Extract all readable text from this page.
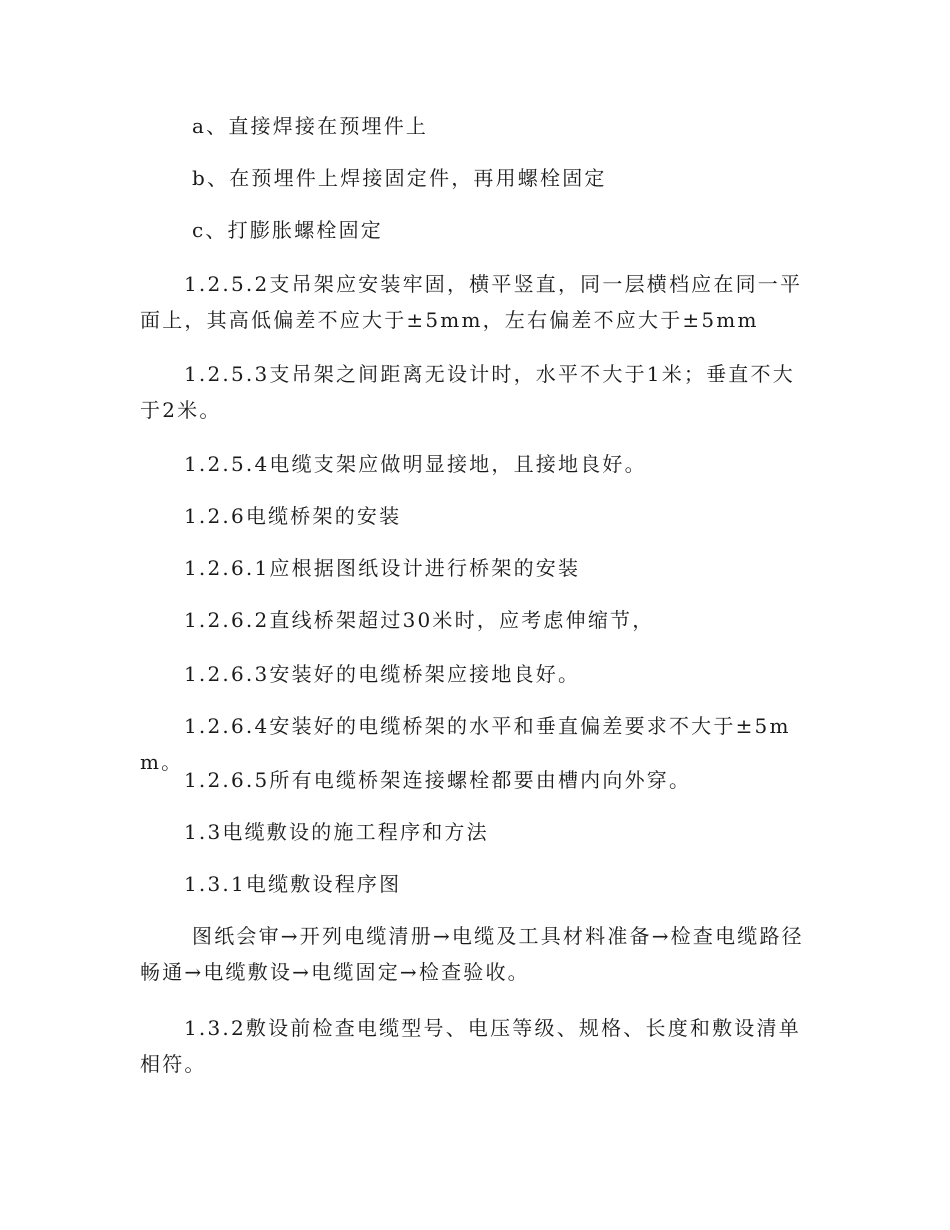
a、直接焊接在预埋件上

b、在预埋件上焊接固定件，再用螺栓固定

c、打膨胀螺栓固定

1.2.5.2支吊架应安装牢固，横平竖直，同一层横档应在同一平面上，其高低偏差不应大于±5mm，左右偏差不应大于±5mm

1.2.5.3支吊架之间距离无设计时，水平不大于1米；垂直不大于2米。

1.2.5.4电缆支架应做明显接地，且接地良好。

1.2.6电缆桥架的安装

1.2.6.1应根据图纸设计进行桥架的安装

1.2.6.2直线桥架超过30米时，应考虑伸缩节，

1.2.6.3安装好的电缆桥架应接地良好。

1.2.6.4安装好的电缆桥架的水平和垂直偏差要求不大于±5mm。

1.2.6.5所有电缆桥架连接螺栓都要由槽内向外穿。

1.3电缆敷设的施工程序和方法

1.3.1电缆敷设程序图

图纸会审→开列电缆清册→电缆及工具材料准备→检查电缆路径畅通→电缆敷设→电缆固定→检查验收。

1.3.2敷设前检查电缆型号、电压等级、规格、长度和敷设清单相符。
